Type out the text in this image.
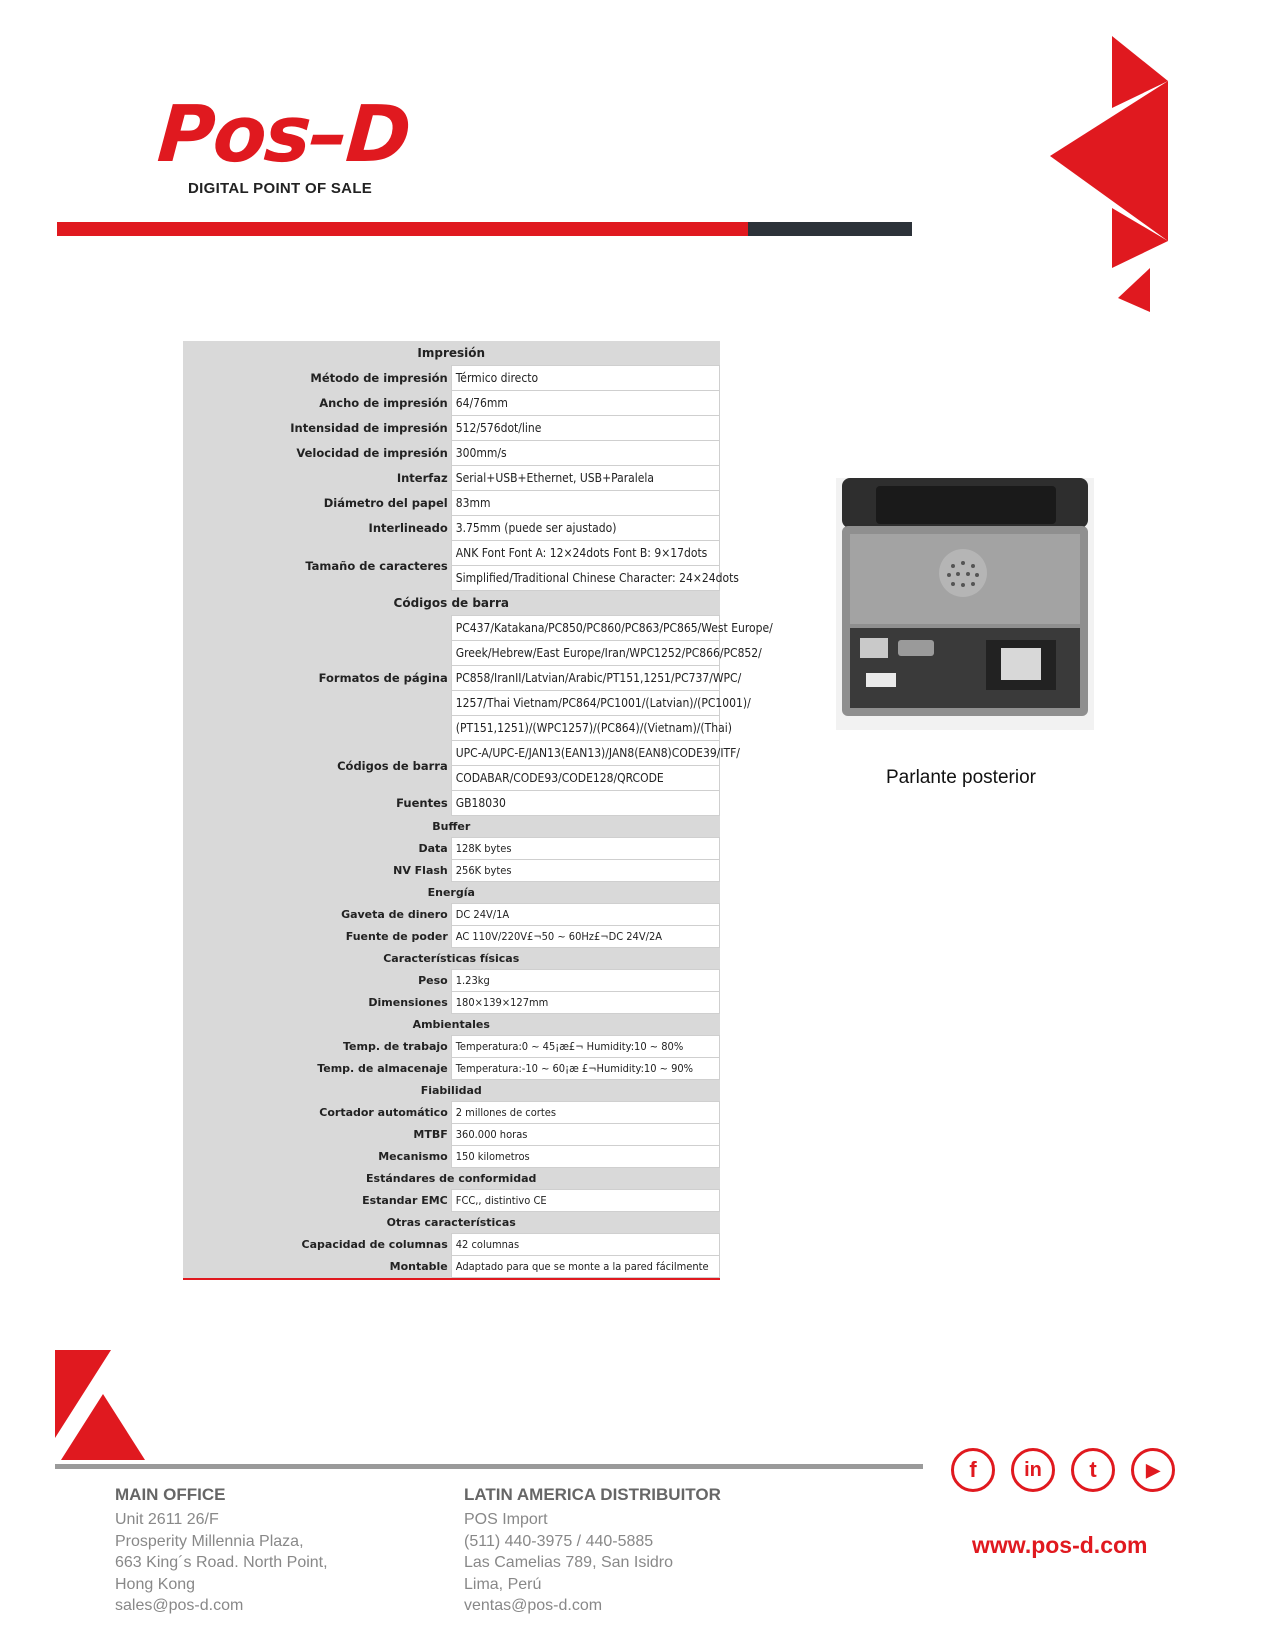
Pos–D
DIGITAL POINT OF SALE
Impresión	
Método de impresión	Térmico directo
Ancho de impresión	64/76mm
Intensidad de impresión	512/576dot/line
Velocidad de impresión	300mm/s
Interfaz	Serial+USB+Ethernet, USB+Paralela
Diámetro del papel	83mm
Interlineado	3.75mm (puede ser ajustado)
Tamaño de caracteres	ANK Font Font A: 12×24dots Font B: 9×17dots
	Simplified/Traditional Chinese Character: 24×24dots
Códigos de barra	
Formatos de página	PC437/Katakana/PC850/PC860/PC863/PC865/West Europe/
	Greek/Hebrew/East Europe/Iran/WPC1252/PC866/PC852/
	PC858/IranII/Latvian/Arabic/PT151,1251/PC737/WPC/
	1257/Thai Vietnam/PC864/PC1001/(Latvian)/(PC1001)/
	(PT151,1251)/(WPC1257)/(PC864)/(Vietnam)/(Thai)
Códigos de barra	UPC-A/UPC-E/JAN13(EAN13)/JAN8(EAN8)CODE39/ITF/
	CODABAR/CODE93/CODE128/QRCODE
Fuentes	GB18030
Buffer	
Data	128K bytes
NV Flash	256K bytes
Energía	
Gaveta de dinero	DC 24V/1A
Fuente de poder	AC 110V/220V£¬50 ~ 60Hz£¬DC 24V/2A
Características físicas	
Peso	1.23kg
Dimensiones	180×139×127mm
Ambientales	
Temp. de trabajo	Temperatura:0 ~ 45¡æ£¬ Humidity:10 ~ 80%
Temp. de almacenaje	Temperatura:-10 ~ 60¡æ £¬Humidity:10 ~ 90%
Fiabilidad	
Cortador automático	2 millones de cortes
MTBF	360.000 horas
Mecanismo	150 kilometros
Estándares de conformidad	
Estandar EMC	FCC,, distintivo CE
Otras características	
Capacidad de columnas	42 columnas
Montable	Adaptado para que se monte a la pared fácilmente
Parlante posterior
MAIN OFFICE
Unit 2611 26/F
Prosperity Millennia Plaza,
663 King´s Road. North Point,
Hong Kong
sales@pos-d.com
LATIN AMERICA DISTRIBUITOR
POS Import
(511) 440-3975 / 440-5885
Las Camelias 789, San Isidro
Lima, Perú
ventas@pos-d.com
f	in	t	▶
www.pos-d.com
